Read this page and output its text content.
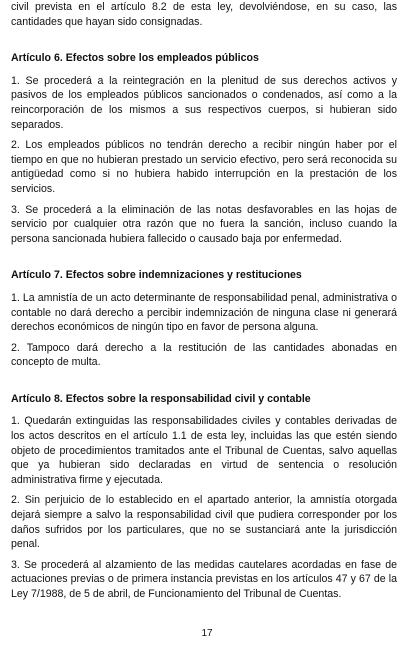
civil prevista en el artículo 8.2 de esta ley, devolviéndose, en su caso, las cantidades que hayan sido consignadas.

Artículo 6. Efectos sobre los empleados públicos

1. Se procederá a la reintegración en la plenitud de sus derechos activos y pasivos de los empleados públicos sancionados o condenados, así como a la reincorporación de los mismos a sus respectivos cuerpos, si hubieran sido separados.

2. Los empleados públicos no tendrán derecho a recibir ningún haber por el tiempo en que no hubieran prestado un servicio efectivo, pero será reconocida su antigüedad como si no hubiera habido interrupción en la prestación de los servicios.

3. Se procederá a la eliminación de las notas desfavorables en las hojas de servicio por cualquier otra razón que no fuera la sanción, incluso cuando la persona sancionada hubiera fallecido o causado baja por enfermedad.

Artículo 7. Efectos sobre indemnizaciones y restituciones

1. La amnistía de un acto determinante de responsabilidad penal, administrativa o contable no dará derecho a percibir indemnización de ninguna clase ni generará derechos económicos de ningún tipo en favor de persona alguna.

2. Tampoco dará derecho a la restitución de las cantidades abonadas en concepto de multa.

Artículo 8. Efectos sobre la responsabilidad civil y contable

1. Quedarán extinguidas las responsabilidades civiles y contables derivadas de los actos descritos en el artículo 1.1 de esta ley, incluidas las que estén siendo objeto de procedimientos tramitados ante el Tribunal de Cuentas, salvo aquellas que ya hubieran sido declaradas en virtud de sentencia o resolución administrativa firme y ejecutada.

2. Sin perjuicio de lo establecido en el apartado anterior, la amnistía otorgada dejará siempre a salvo la responsabilidad civil que pudiera corresponder por los daños sufridos por los particulares, que no se sustanciará ante la jurisdicción penal.

3. Se procederá al alzamiento de las medidas cautelares acordadas en fase de actuaciones previas o de primera instancia previstas en los artículos 47 y 67 de la Ley 7/1988, de 5 de abril, de Funcionamiento del Tribunal de Cuentas.

17
